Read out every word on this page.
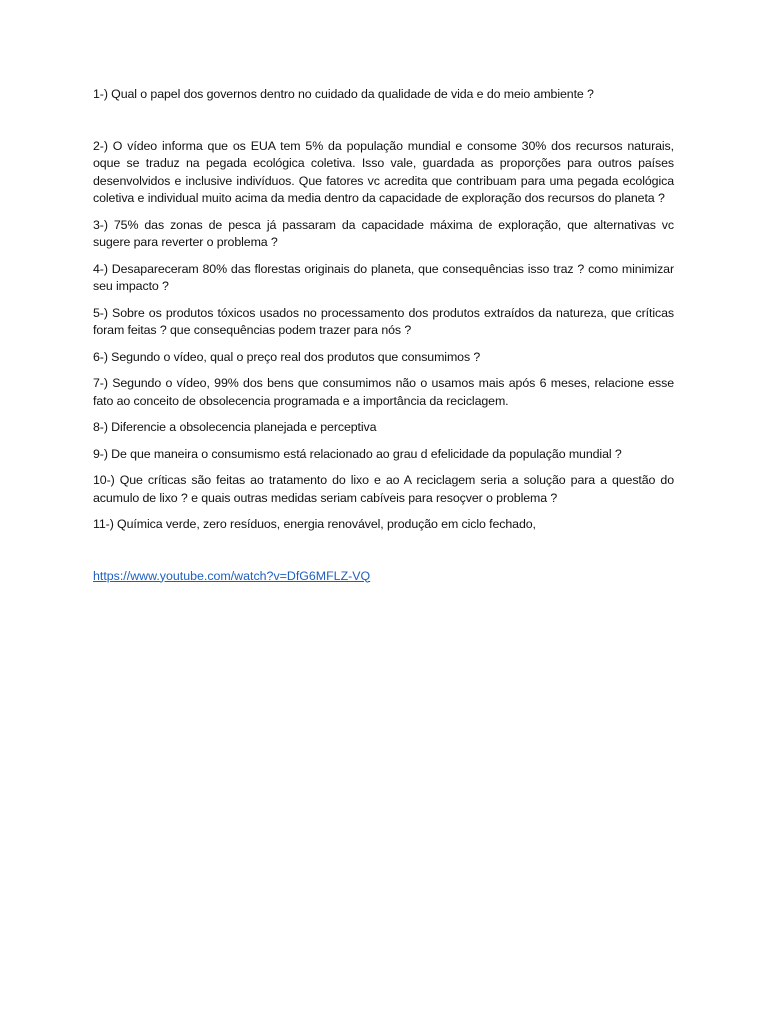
1-) Qual o papel dos governos dentro no cuidado da qualidade de vida e do meio ambiente ?

2-) O vídeo informa que os EUA tem 5% da população mundial e consome 30% dos recursos naturais, oque se traduz na pegada ecológica coletiva. Isso vale, guardada as proporções para outros países desenvolvidos e inclusive indivíduos. Que fatores vc acredita que contribuam para uma pegada ecológica coletiva e individual muito acima da media dentro da capacidade de exploração dos recursos do planeta ?

3-) 75% das zonas de pesca já passaram da capacidade máxima de exploração, que alternativas vc sugere para reverter o problema ?

4-) Desapareceram 80% das florestas originais do planeta, que consequências isso traz ? como minimizar seu impacto ?

5-) Sobre os produtos tóxicos usados no processamento dos produtos extraídos da natureza, que críticas foram feitas ? que consequências podem trazer para nós ?

6-) Segundo o vídeo, qual o preço real dos produtos que consumimos ?

7-) Segundo o vídeo, 99% dos bens que consumimos não o usamos mais após 6 meses, relacione esse fato ao conceito de obsolecencia programada e a importância da reciclagem.

8-) Diferencie a obsolecencia planejada e perceptiva

9-) De que maneira o consumismo está relacionado ao grau d efelicidade da população mundial ?

10-) Que críticas são feitas ao tratamento do lixo e ao A reciclagem seria a solução para a questão do acumulo de lixo ? e quais outras medidas seriam cabíveis para resoçver o problema ?

11-) Química verde, zero resíduos, energia renovável, produção em ciclo fechado,

https://www.youtube.com/watch?v=DfG6MFLZ-VQ
